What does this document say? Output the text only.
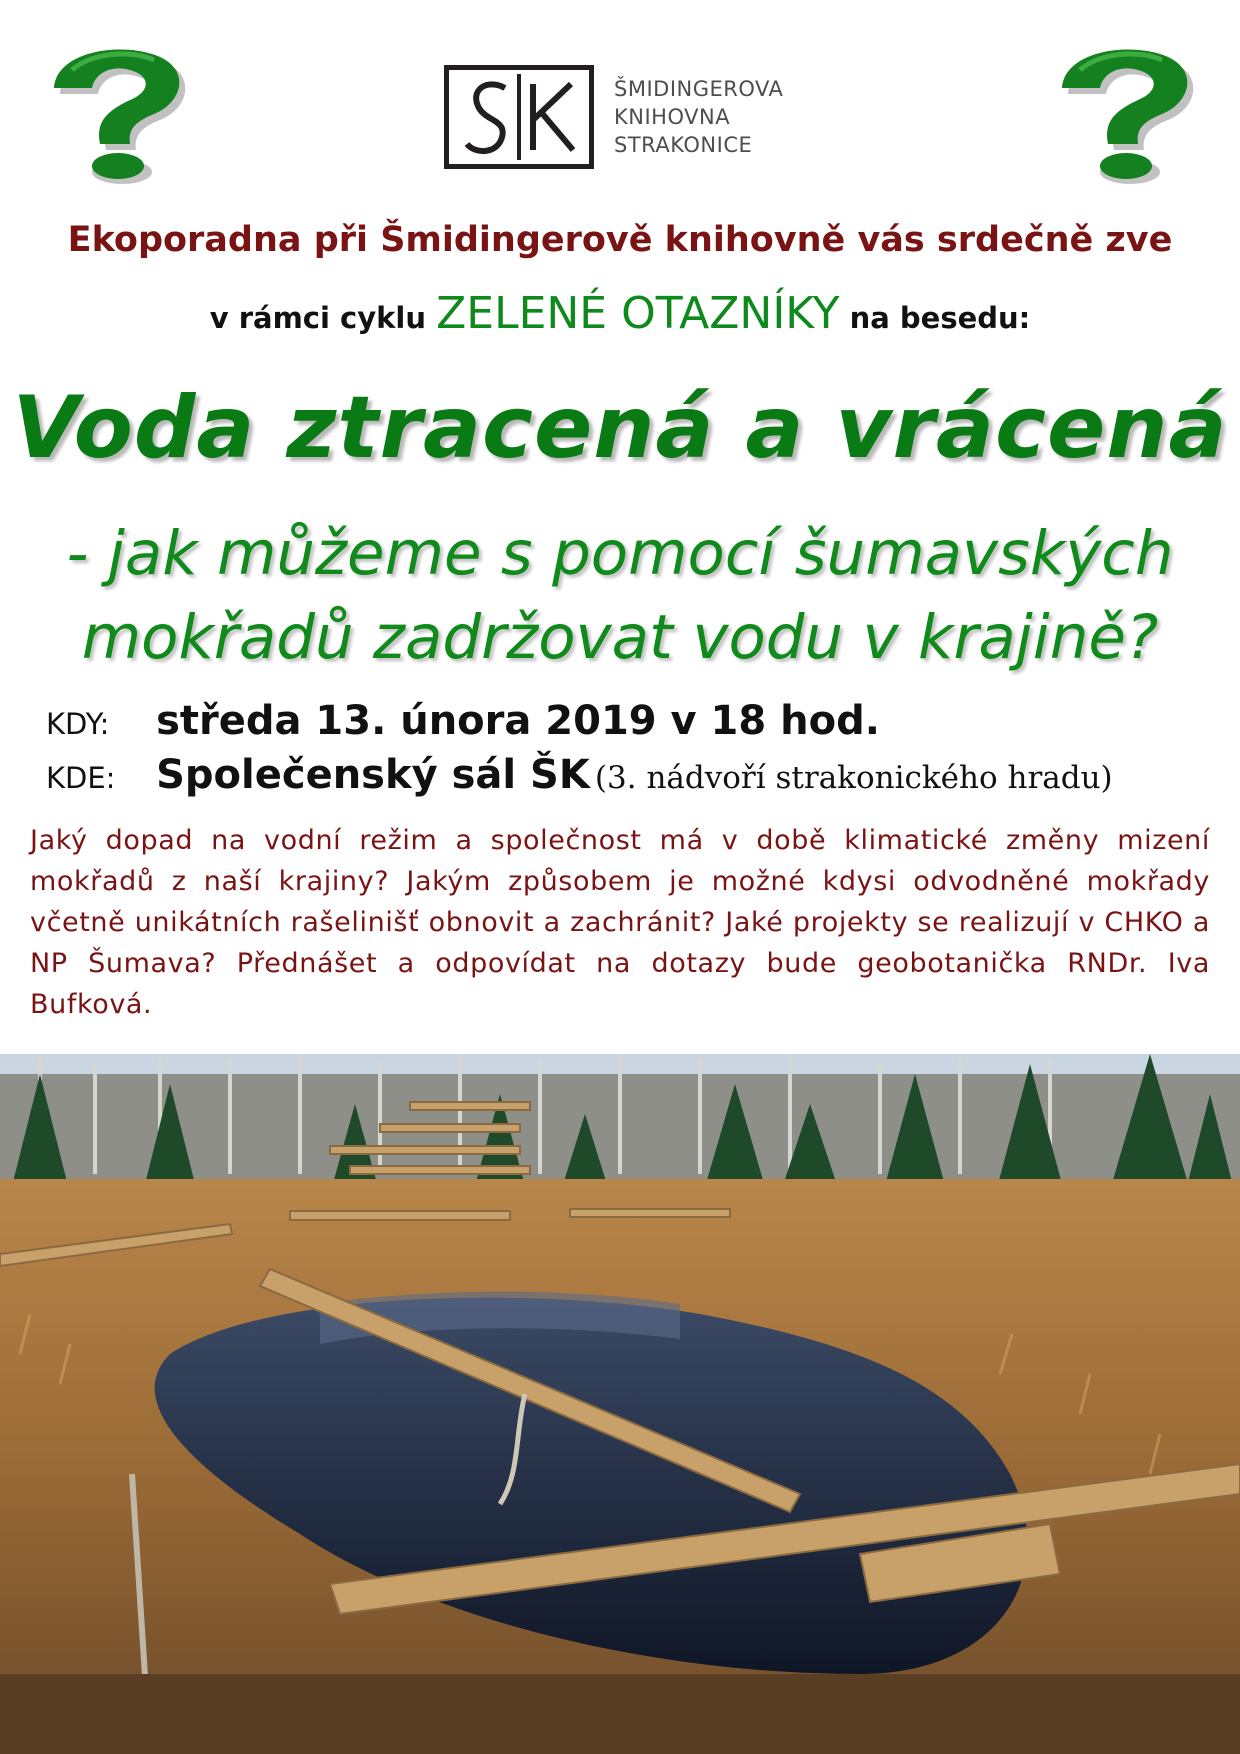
ŠMIDINGEROVA
KNIHOVNA
STRAKONICE
Ekoporadna při Šmidingerově knihovně vás srdečně zve
v rámci cyklu ZELENÉ OTAZNÍKY na besedu:
Voda ztracená a vrácená
- jak můžeme s pomocí šumavských
mokřadů zadržovat vodu v krajině?
KDY: středa 13. února 2019 v 18 hod.
KDE: Společenský sál ŠK (3. nádvoří strakonického hradu)
Jaký dopad na vodní režim a společnost má v době klimatické změny mizení mokřadů z naší krajiny? Jakým způsobem je možné kdysi odvodněné mokřady včetně unikátních rašelinišť obnovit a zachránit? Jaké projekty se realizují v CHKO a NP Šumava? Přednášet a odpovídat na dotazy bude geobotanička RNDr. Iva Bufková.
